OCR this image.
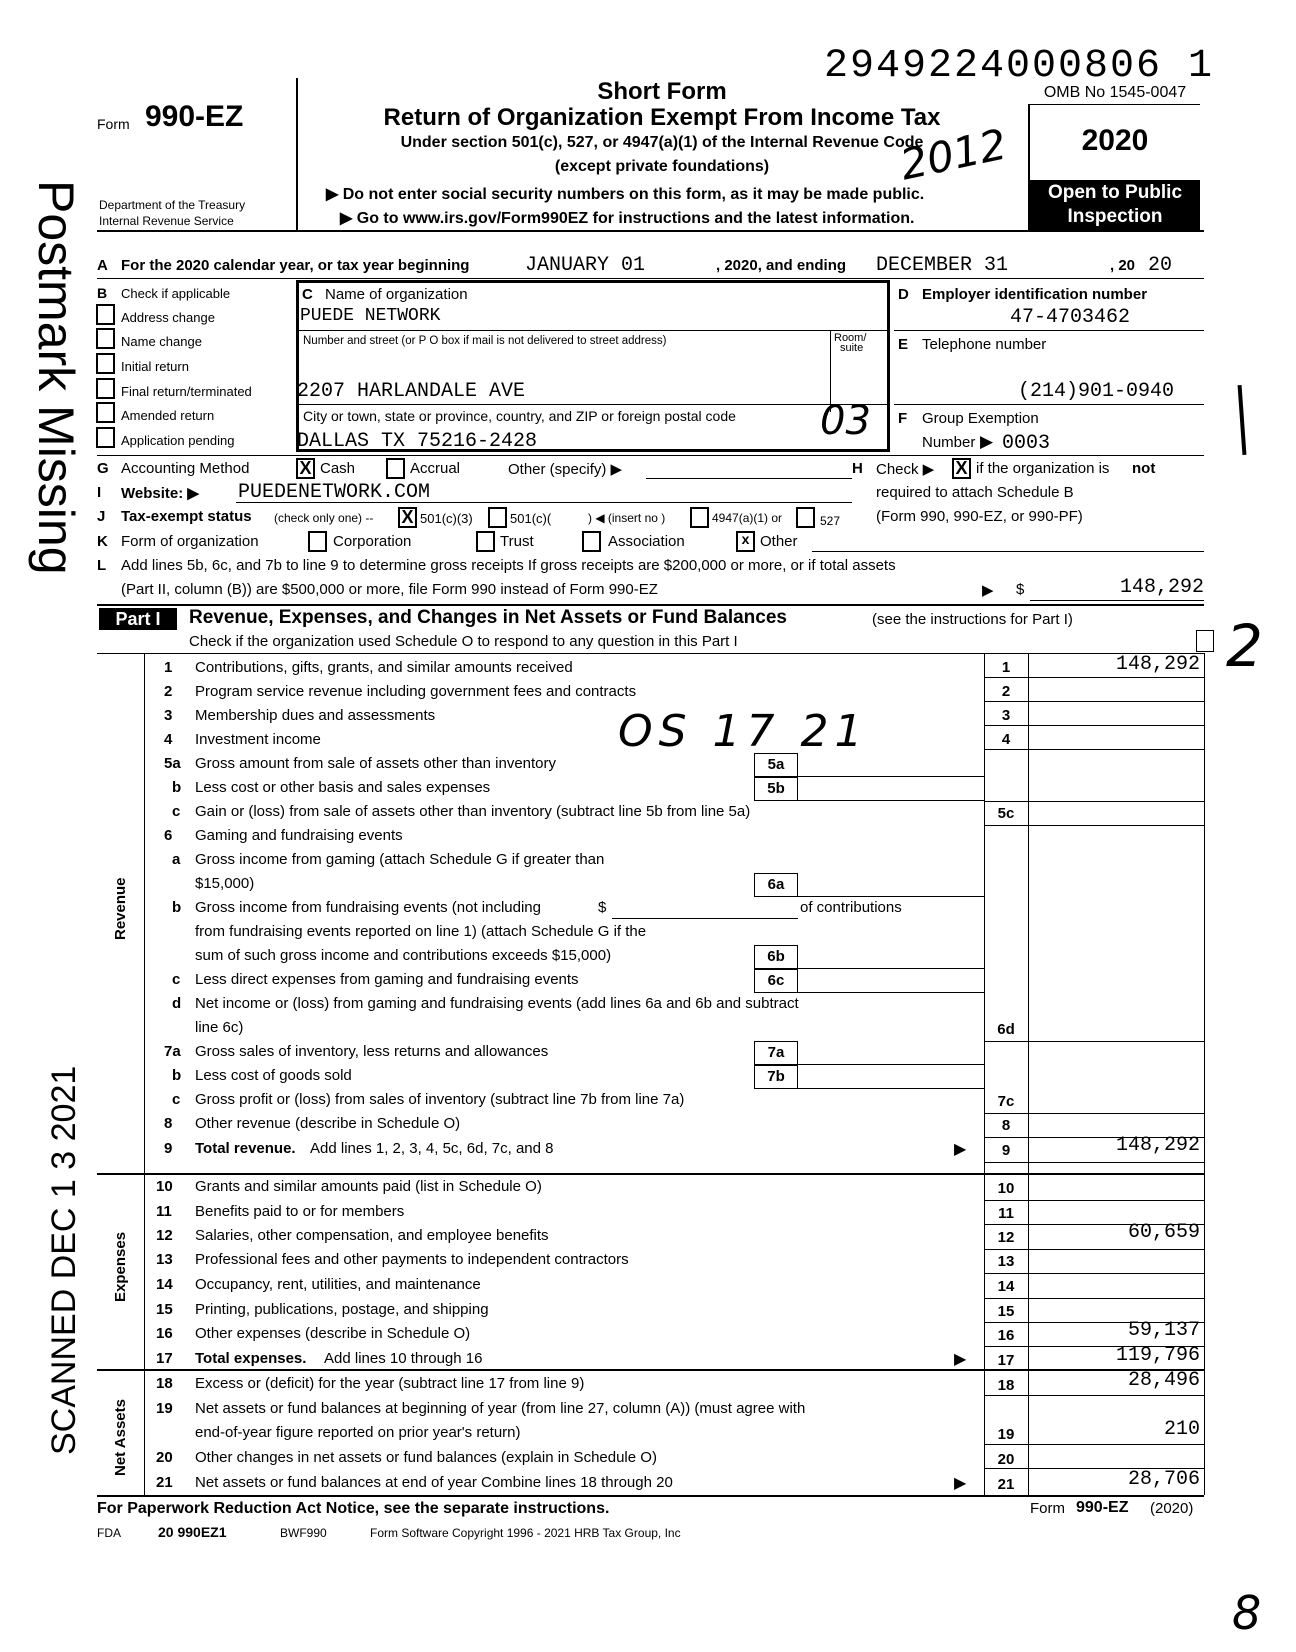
Postmark Missing
SCANNED DEC 1 3 2021
2949224000806 1
Form 990-EZ
Department of the Treasury
Internal Revenue Service
Short Form
Return of Organization Exempt From Income Tax
Under section 501(c), 527, or 4947(a)(1) of the Internal Revenue Code
(except private foundations)
▶ Do not enter social security numbers on this form, as it may be made public.
▶ Go to www.irs.gov/Form990EZ for instructions and the latest information.
OMB No 1545-0047
2020
Open to Public
Inspection
A For the 2020 calendar year, or tax year beginning	JANUARY 01	, 2020, and ending DECEMBER 31	, 20 20
B Check if applicable
Address change
Name change
Initial return
Final return/terminated
Amended return
Application pending
C Name of organization
PUEDE NETWORK
Number and street (or P O box if mail is not delivered to street address)	Room/
suite
2207 HARLANDALE AVE
City or town, state or province, country, and ZIP or foreign postal code
DALLAS TX 75216-2428
D Employer identification number
47-4703462
E Telephone number
(214)901-0940
F Group Exemption
Number ▶ 0003
G Accounting Method	X Cash	Accrual	Other (specify) ▶	H Check ▶ X if the organization is not
required to attach Schedule B
(Form 990, 990-EZ, or 990-PF)
I Website: ▶ PUEDENETWORK.COM
J Tax-exempt status (check only one) -- X 501(c)(3)	501(c)(	) ◀ (insert no )	4947(a)(1) or	527
K Form of organization	Corporation	Trust	Association	x Other
L Add lines 5b, 6c, and 7b to line 9 to determine gross receipts If gross receipts are $200,000 or more, or if total assets
(Part II, column (B)) are $500,000 or more, file Form 990 instead of Form 990-EZ	▶ $	148,292
Part I	Revenue, Expenses, and Changes in Net Assets or Fund Balances	(see the instructions for Part I)
Check if the organization used Schedule O to respond to any question in this Part I
Revenue
Expenses
Net Assets
1 Contributions, gifts, grants, and similar amounts received	1	148,292
2 Program service revenue including government fees and contracts	2
3 Membership dues and assessments	3
4 Investment income	4
5a Gross amount from sale of assets other than inventory	5a
b Less cost or other basis and sales expenses	5b
c Gain or (loss) from sale of assets other than inventory (subtract line 5b from line 5a)	5c
6 Gaming and fundraising events
a Gross income from gaming (attach Schedule G if greater than
$15,000)	6a
b Gross income from fundraising events (not including	$	of contributions
from fundraising events reported on line 1) (attach Schedule G if the
sum of such gross income and contributions exceeds $15,000)	6b
c Less direct expenses from gaming and fundraising events	6c
d Net income or (loss) from gaming and fundraising events (add lines 6a and 6b and subtract
line 6c)	6d
7a Gross sales of inventory, less returns and allowances	7a
b Less cost of goods sold	7b
c Gross profit or (loss) from sales of inventory (subtract line 7b from line 7a)	7c
8 Other revenue (describe in Schedule O)	8
9 Total revenue. Add lines 1, 2, 3, 4, 5c, 6d, 7c, and 8	▶	9	148,292
10 Grants and similar amounts paid (list in Schedule O)	10
11 Benefits paid to or for members	11
12 Salaries, other compensation, and employee benefits	12	60,659
13 Professional fees and other payments to independent contractors	13
14 Occupancy, rent, utilities, and maintenance	14
15 Printing, publications, postage, and shipping	15
16 Other expenses (describe in Schedule O)	16	59,137
17 Total expenses. Add lines 10 through 16	▶	17	119,796
18 Excess or (deficit) for the year (subtract line 17 from line 9)	18	28,496
19 Net assets or fund balances at beginning of year (from line 27, column (A)) (must agree with
end-of-year figure reported on prior year's return)	19	210
20 Other changes in net assets or fund balances (explain in Schedule O)	20
21 Net assets or fund balances at end of year Combine lines 18 through 20	▶	21	28,706
For Paperwork Reduction Act Notice, see the separate instructions.	Form 990-EZ (2020)
FDA	20 990EZ1	BWF990	Form Software Copyright 1996 - 2021 HRB Tax Group, Inc
2012
03
OS 17 21
2
8
